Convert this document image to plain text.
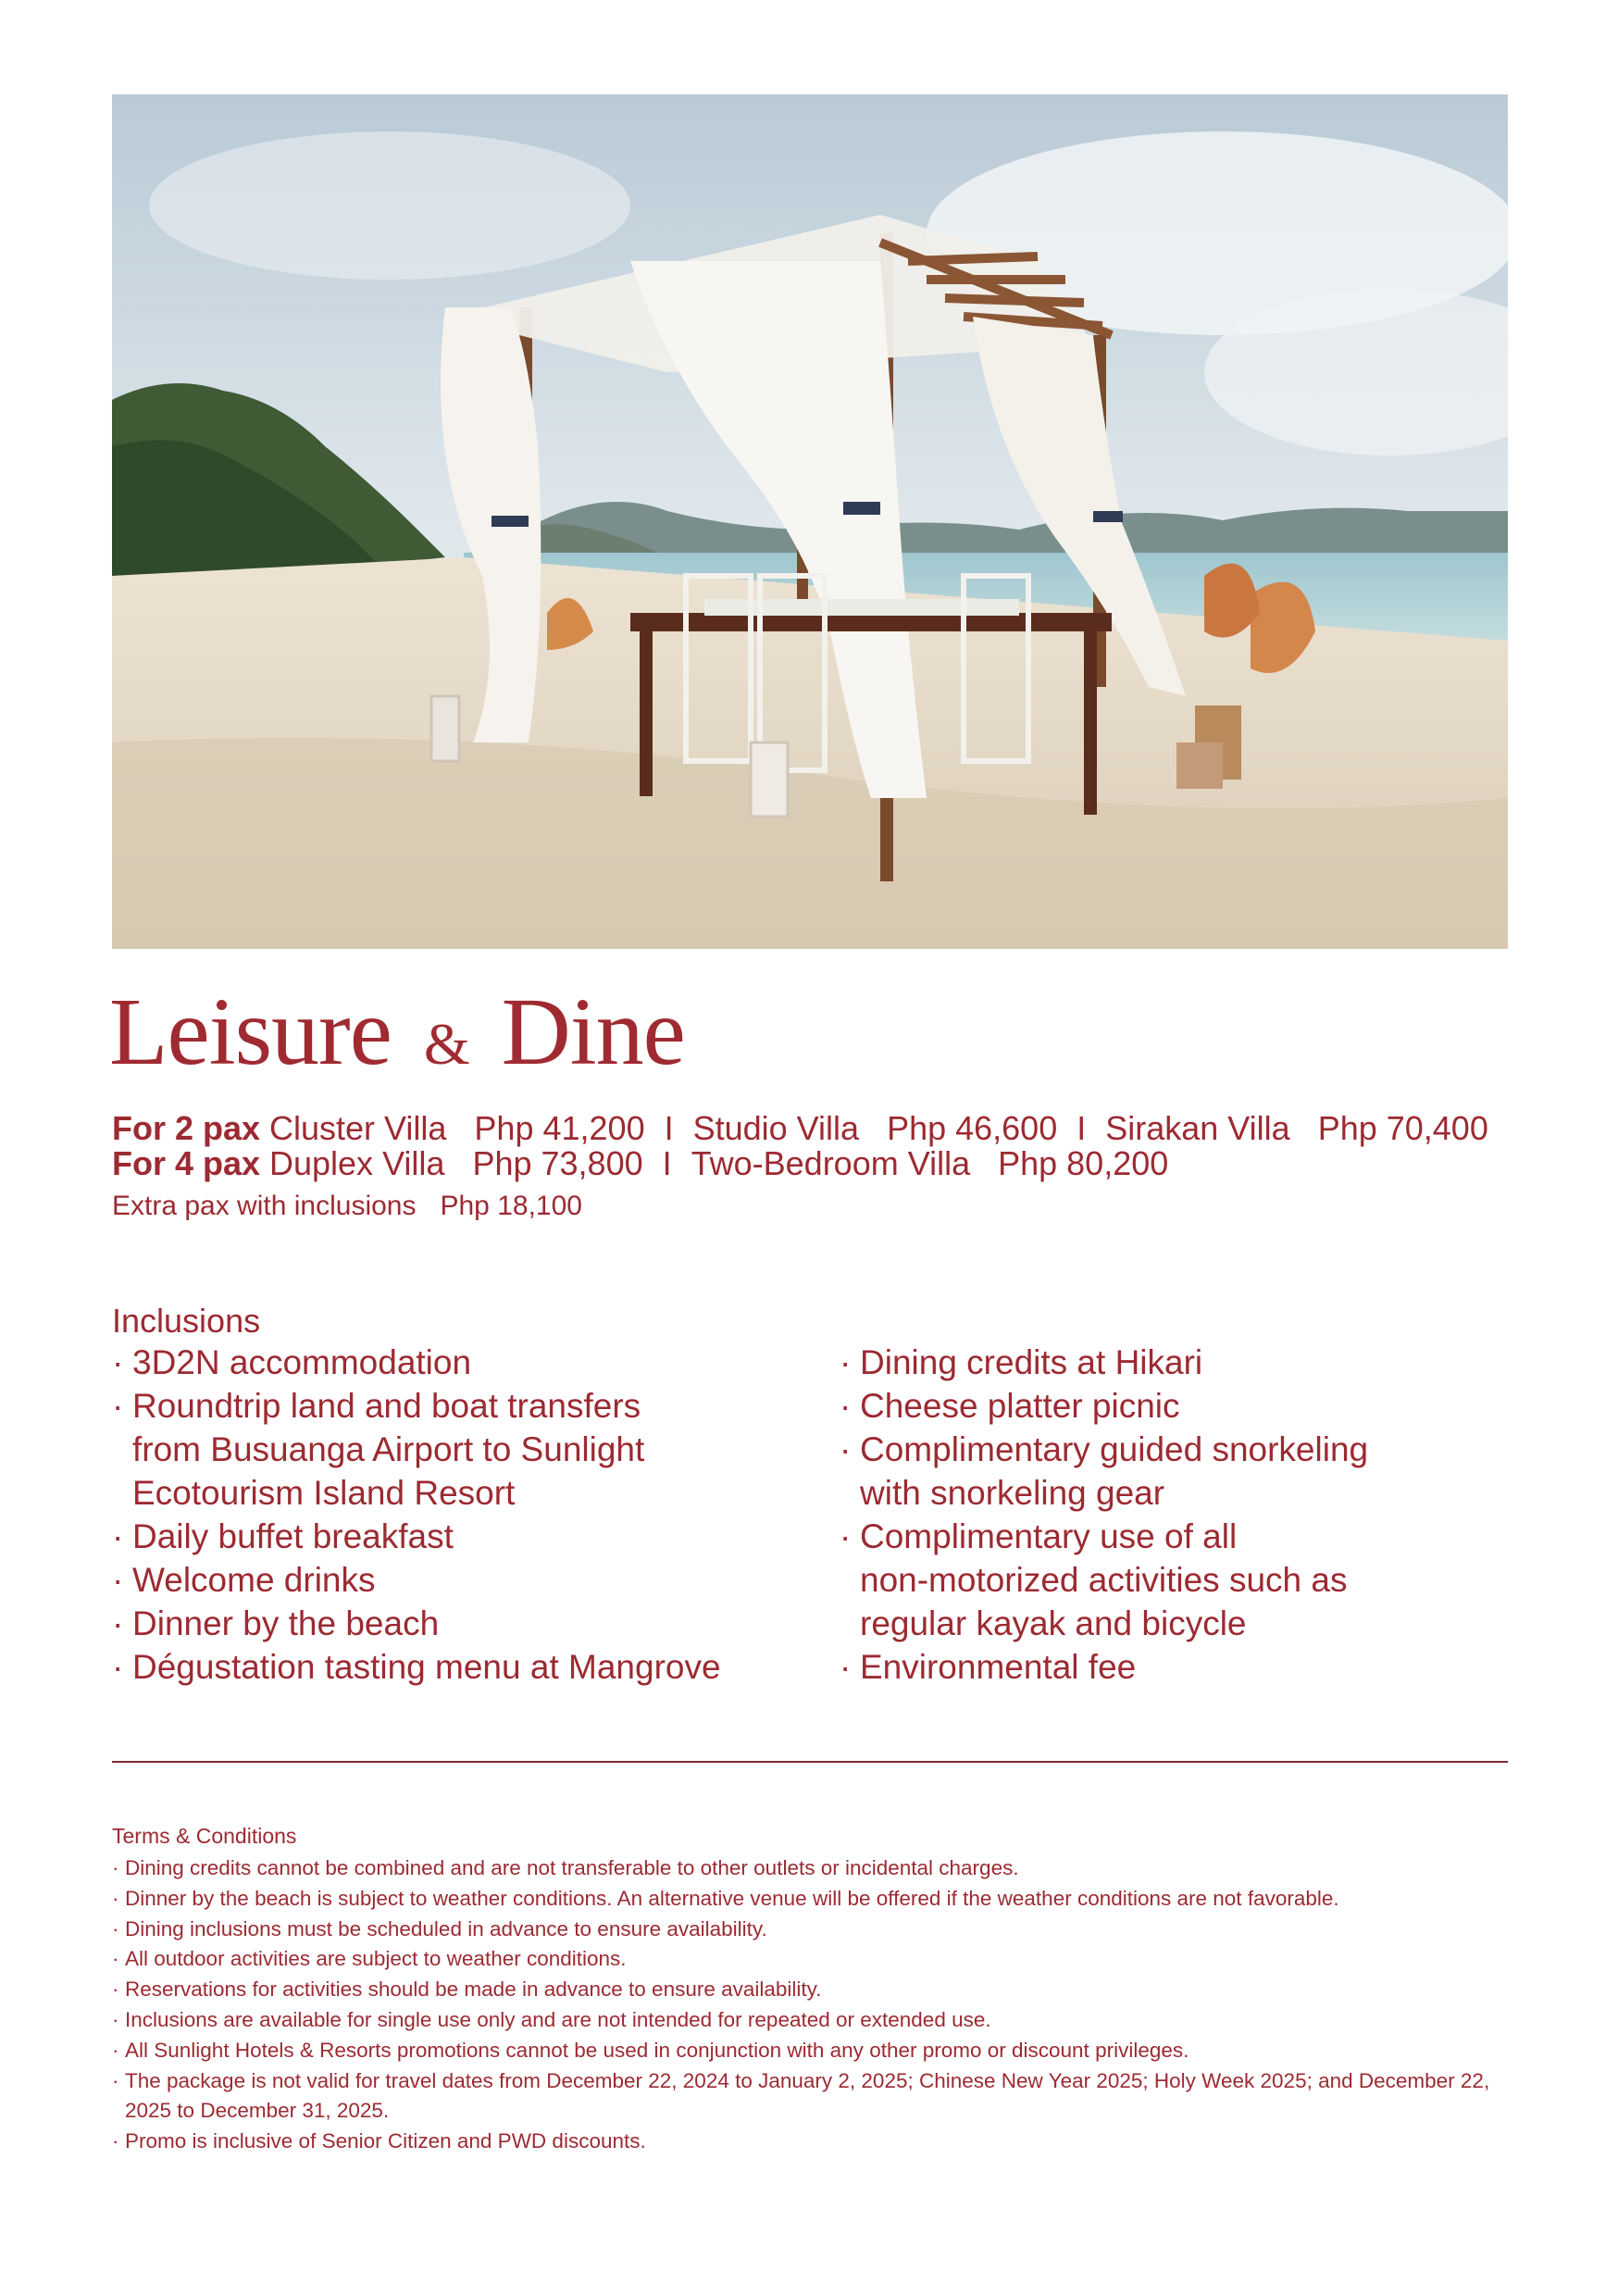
Leisure & Dine
For 2 pax Cluster Villa Php 41,200 I Studio Villa Php 46,600 I Sirakan Villa Php 70,400
For 4 pax Duplex Villa Php 73,800 I Two-Bedroom Villa Php 80,200
Extra pax with inclusions Php 18,100
Inclusions
· 3D2N accommodation
· Roundtrip land and boat transfers
from Busuanga Airport to Sunlight
Ecotourism Island Resort
· Daily buffet breakfast
· Welcome drinks
· Dinner by the beach
· Dégustation tasting menu at Mangrove
· Dining credits at Hikari
· Cheese platter picnic
· Complimentary guided snorkeling
with snorkeling gear
· Complimentary use of all
non-motorized activities such as
regular kayak and bicycle
· Environmental fee
Terms & Conditions
· Dining credits cannot be combined and are not transferable to other outlets or incidental charges.
· Dinner by the beach is subject to weather conditions. An alternative venue will be offered if the weather conditions are not favorable.
· Dining inclusions must be scheduled in advance to ensure availability.
· All outdoor activities are subject to weather conditions.
· Reservations for activities should be made in advance to ensure availability.
· Inclusions are available for single use only and are not intended for repeated or extended use.
· All Sunlight Hotels & Resorts promotions cannot be used in conjunction with any other promo or discount privileges.
· The package is not valid for travel dates from December 22, 2024 to January 2, 2025; Chinese New Year 2025; Holy Week 2025; and December 22, 2025 to December 31, 2025.
· Promo is inclusive of Senior Citizen and PWD discounts.
